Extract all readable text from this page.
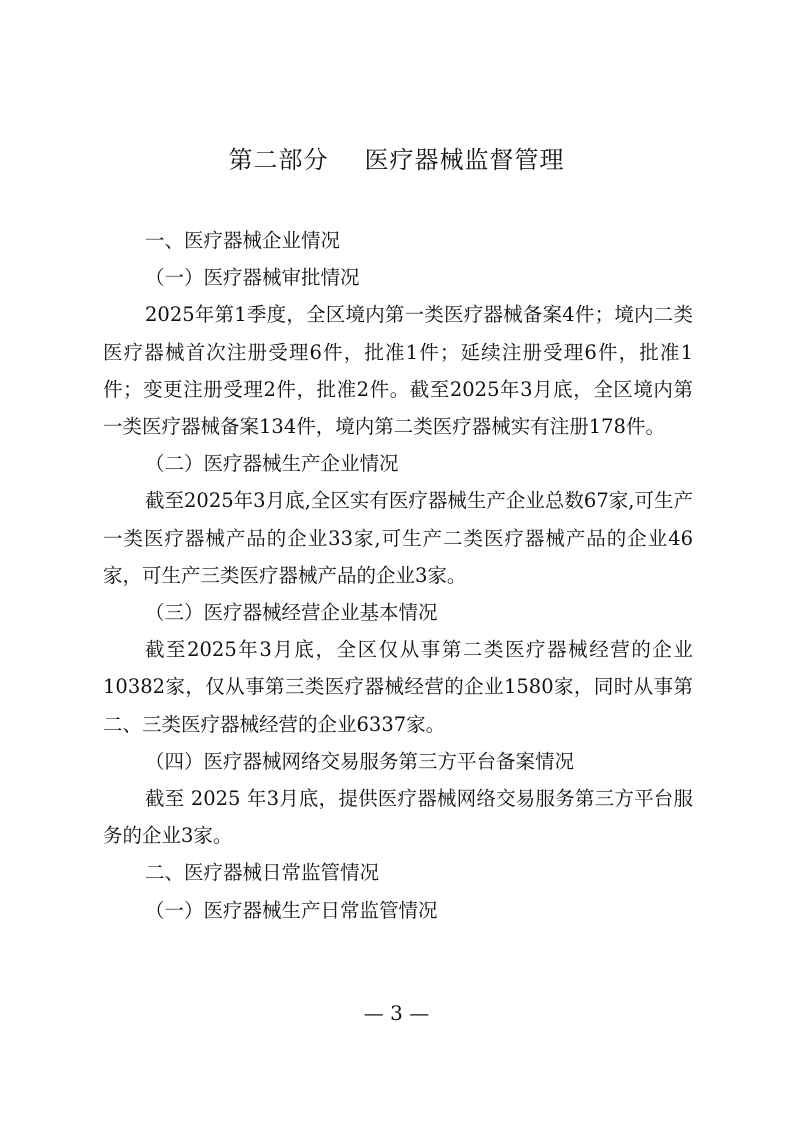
第二部分 医疗器械监督管理

一、医疗器械企业情况

（一）医疗器械审批情况

2025年第1季度，全区境内第一类医疗器械备案4件；境内二类医疗器械首次注册受理6件，批准1件；延续注册受理6件，批准1件；变更注册受理2件，批准2件。截至2025年3月底，全区境内第一类医疗器械备案134件，境内第二类医疗器械实有注册178件。

（二）医疗器械生产企业情况

截至2025年3月底,全区实有医疗器械生产企业总数67家,可生产一类医疗器械产品的企业33家,可生产二类医疗器械产品的企业46家，可生产三类医疗器械产品的企业3家。

（三）医疗器械经营企业基本情况

截至2025年3月底，全区仅从事第二类医疗器械经营的企业10382家，仅从事第三类医疗器械经营的企业1580家，同时从事第二、三类医疗器械经营的企业6337家。

（四）医疗器械网络交易服务第三方平台备案情况

截至 2025 年3月底，提供医疗器械网络交易服务第三方平台服务的企业3家。

二、医疗器械日常监管情况

（一）医疗器械生产日常监管情况

— 3 —
